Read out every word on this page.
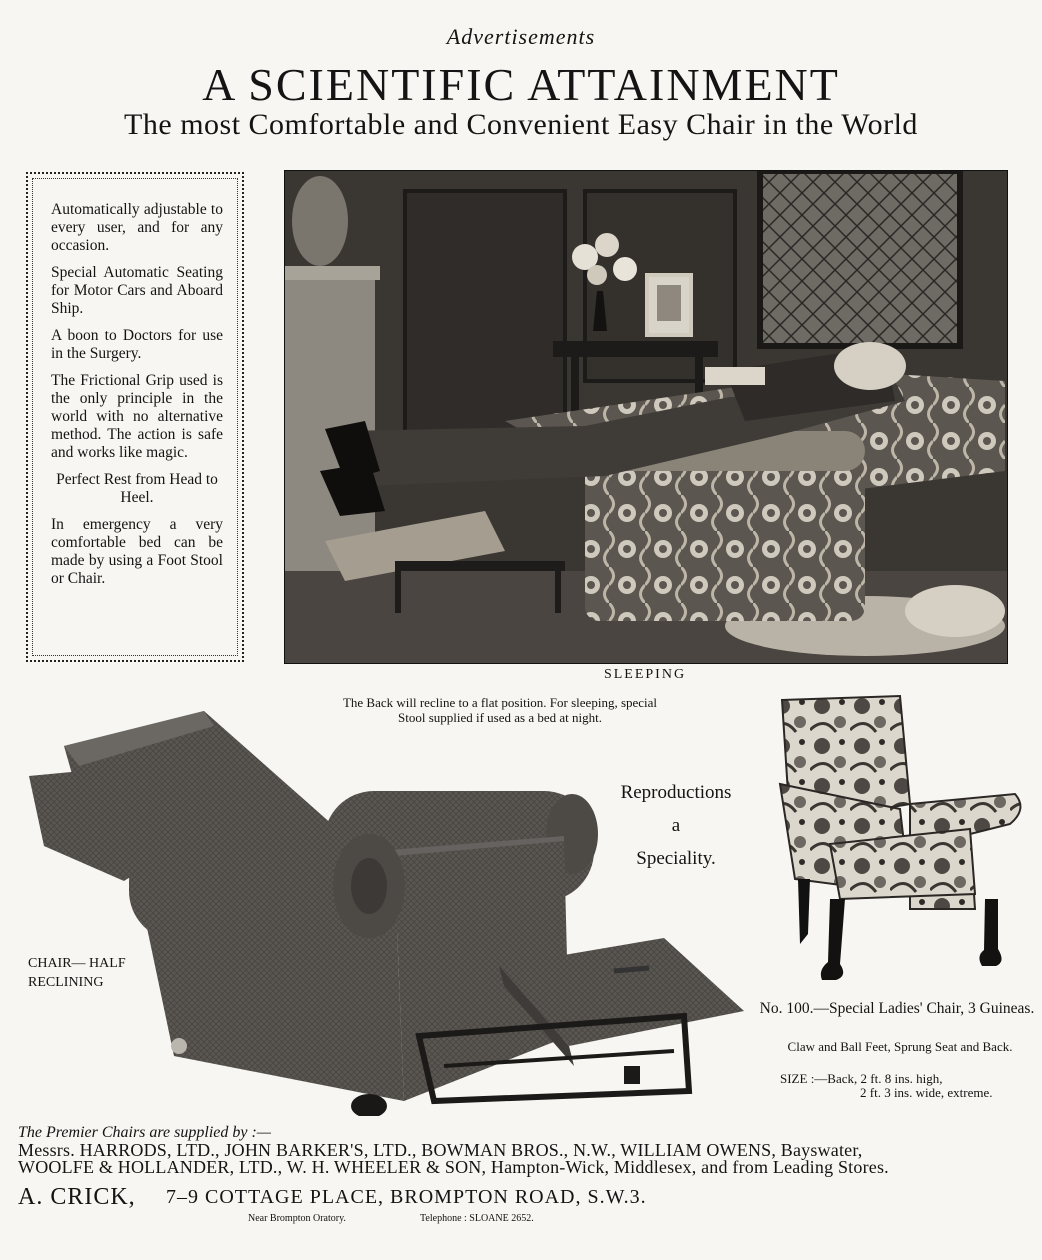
Advertisements
A SCIENTIFIC ATTAINMENT
The most Comfortable and Convenient Easy Chair in the World

Automatically adjustable to every user, and for any occasion.

Special Automatic Seating for Motor Cars and Aboard Ship.

A boon to Doctors for use in the Surgery.

The Frictional Grip used is the only principle in the world with no alternative method. The action is safe and works like magic.

Perfect Rest from Head to Heel.

In emergency a very comfortable bed can be made by using a Foot Stool or Chair.

SLEEPING
The Back will recline to a flat position. For sleeping, special Stool supplied if used as a bed at night.
CHAIR— HALF RECLINING
Reproductions
a
Speciality.
No. 100.—Special Ladies' Chair, 3 Guineas.
Claw and Ball Feet, Sprung Seat and Back.
SIZE :—Back, 2 ft. 8 ins. high,
2 ft. 3 ins. wide, extreme.
The Premier Chairs are supplied by :—
Messrs. HARRODS, LTD., JOHN BARKER'S, LTD., BOWMAN BROS., N.W., WILLIAM OWENS, Bayswater,
WOOLFE & HOLLANDER, LTD., W. H. WHEELER & SON, Hampton-Wick, Middlesex, and from Leading Stores.
A. CRICK, 7–9 COTTAGE PLACE, BROMPTON ROAD, S.W.3.
Near Brompton Oratory.	Telephone : SLOANE 2652.
